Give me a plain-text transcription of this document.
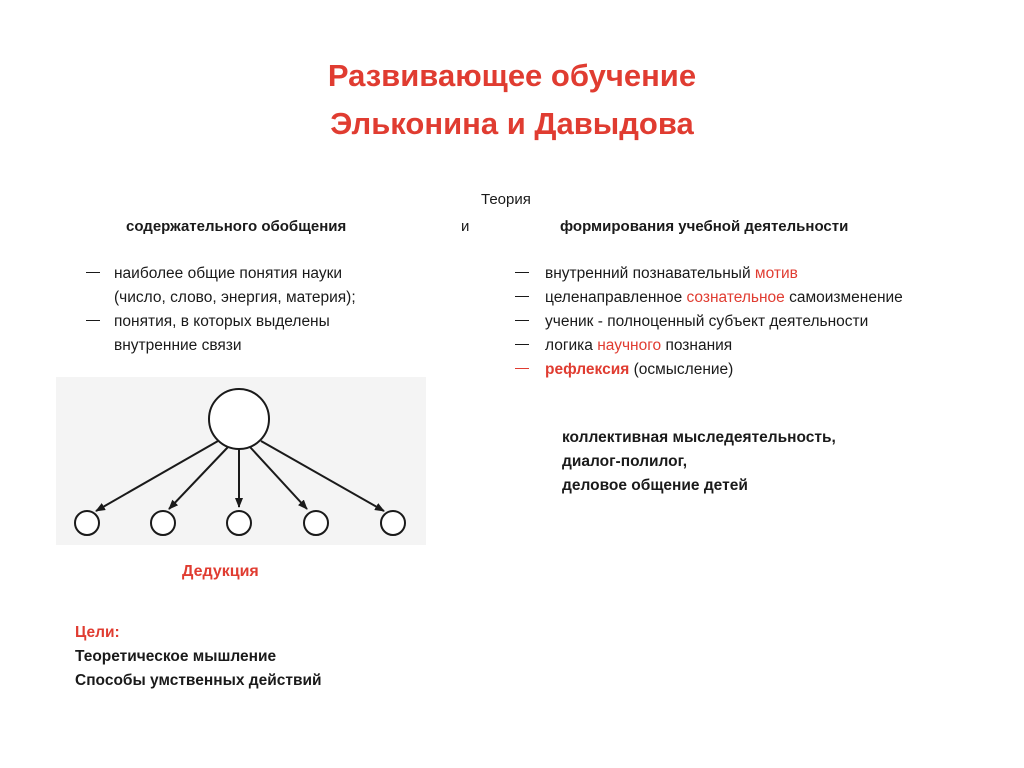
Развивающее обучение
Эльконина и Давыдова
Теория
содержательного обобщения	и	формирования учебной деятельности
наиболее общие понятия науки
(число, слово, энергия, материя);
понятия, в которых выделены
внутренние связи
внутренний познавательный мотив
целенаправленное сознательное самоизменение
ученик - полноценный субъект деятельности
логика научного познания
рефлексия (осмысление)
коллективная мыследеятельность,
диалог-полилог,
деловое общение детей
Дедукция
Цели:
Теоретическое мышление
Способы умственных действий
